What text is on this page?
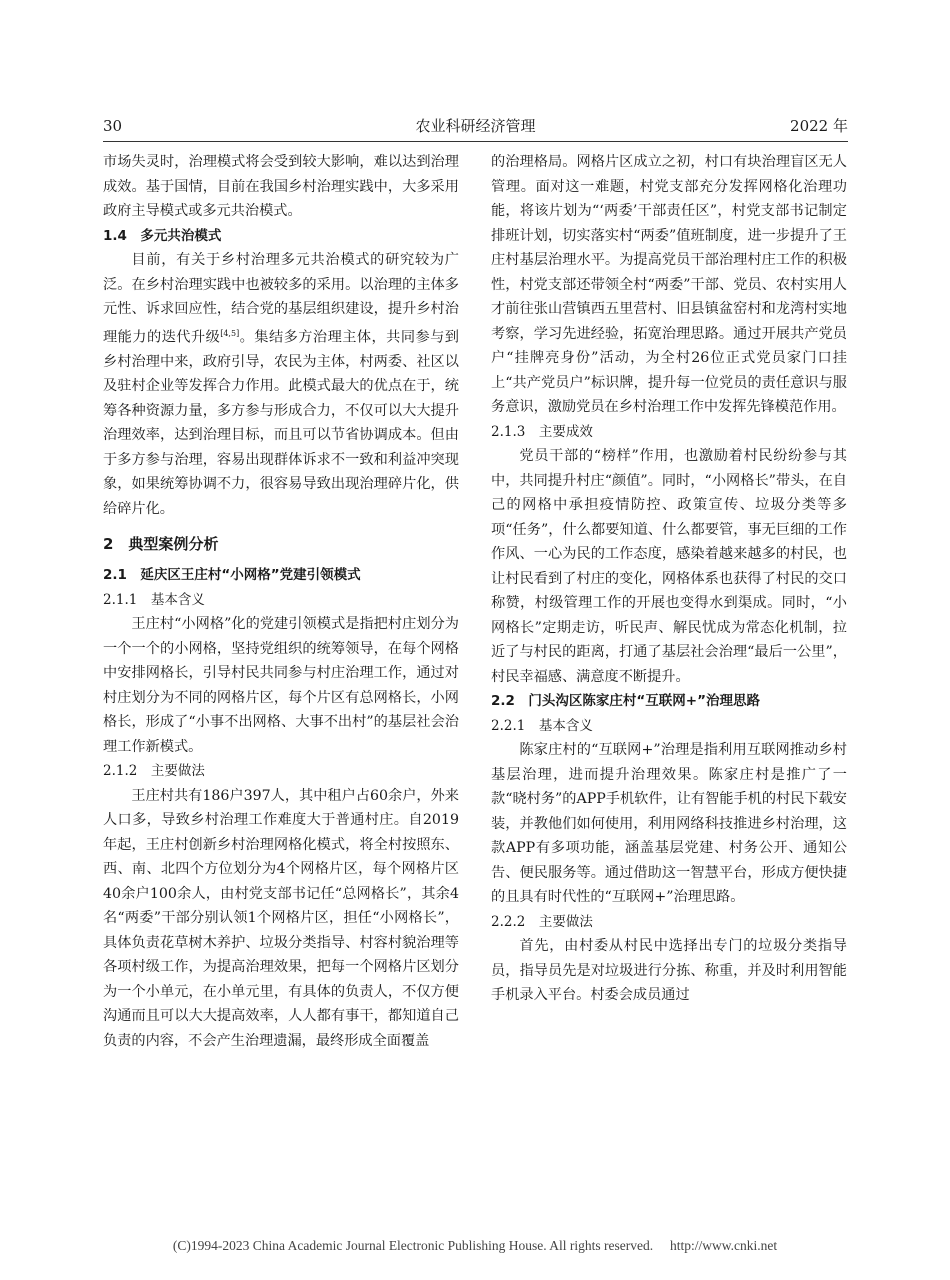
30	农业科研经济管理	2022 年

市场失灵时，治理模式将会受到较大影响，难以达到治理成效。基于国情，目前在我国乡村治理实践中，大多采用政府主导模式或多元共治模式。

1.4　多元共治模式

目前，有关于乡村治理多元共治模式的研究较为广泛。在乡村治理实践中也被较多的采用。以治理的主体多元性、诉求回应性，结合党的基层组织建设，提升乡村治理能力的迭代升级[4,5]。集结多方治理主体，共同参与到乡村治理中来，政府引导，农民为主体，村两委、社区以及驻村企业等发挥合力作用。此模式最大的优点在于，统筹各种资源力量，多方参与形成合力，不仅可以大大提升治理效率，达到治理目标，而且可以节省协调成本。但由于多方参与治理，容易出现群体诉求不一致和利益冲突现象，如果统筹协调不力，很容易导致出现治理碎片化，供给碎片化。

2　典型案例分析

2.1　延庆区王庄村“小网格”党建引领模式

2.1.1　基本含义

王庄村“小网格”化的党建引领模式是指把村庄划分为一个一个的小网格，坚持党组织的统筹领导，在每个网格中安排网格长，引导村民共同参与村庄治理工作，通过对村庄划分为不同的网格片区，每个片区有总网格长，小网格长，形成了“小事不出网格、大事不出村”的基层社会治理工作新模式。

2.1.2　主要做法

王庄村共有186户397人，其中租户占60余户，外来人口多，导致乡村治理工作难度大于普通村庄。自2019年起，王庄村创新乡村治理网格化模式，将全村按照东、西、南、北四个方位划分为4个网格片区，每个网格片区40余户100余人，由村党支部书记任“总网格长”，其余4名“两委”干部分别认领1个网格片区，担任“小网格长”，具体负责花草树木养护、垃圾分类指导、村容村貌治理等各项村级工作，为提高治理效果，把每一个网格片区划分为一个小单元，在小单元里，有具体的负责人，不仅方便沟通而且可以大大提高效率，人人都有事干，都知道自己负责的内容，不会产生治理遗漏，最终形成全面覆盖

的治理格局。网格片区成立之初，村口有块治理盲区无人管理。面对这一难题，村党支部充分发挥网格化治理功能，将该片划为“‘两委’干部责任区”，村党支部书记制定排班计划，切实落实村“两委”值班制度，进一步提升了王庄村基层治理水平。为提高党员干部治理村庄工作的积极性，村党支部还带领全村“两委”干部、党员、农村实用人才前往张山营镇西五里营村、旧县镇盆窑村和龙湾村实地考察，学习先进经验，拓宽治理思路。通过开展共产党员户“挂牌亮身份”活动，为全村26位正式党员家门口挂上“共产党员户”标识牌，提升每一位党员的责任意识与服务意识，激励党员在乡村治理工作中发挥先锋模范作用。

2.1.3　主要成效

党员干部的“榜样”作用，也激励着村民纷纷参与其中，共同提升村庄“颜值”。同时，“小网格长”带头，在自己的网格中承担疫情防控、政策宣传、垃圾分类等多项“任务”，什么都要知道、什么都要管，事无巨细的工作作风、一心为民的工作态度，感染着越来越多的村民，也让村民看到了村庄的变化，网格体系也获得了村民的交口称赞，村级管理工作的开展也变得水到渠成。同时，“小网格长”定期走访，听民声、解民忧成为常态化机制，拉近了与村民的距离，打通了基层社会治理“最后一公里”，村民幸福感、满意度不断提升。

2.2　门头沟区陈家庄村“互联网+”治理思路

2.2.1　基本含义

陈家庄村的“互联网+”治理是指利用互联网推动乡村基层治理，进而提升治理效果。陈家庄村是推广了一款“晓村务”的APP手机软件，让有智能手机的村民下载安装，并教他们如何使用，利用网络科技推进乡村治理，这款APP有多项功能，涵盖基层党建、村务公开、通知公告、便民服务等。通过借助这一智慧平台，形成方便快捷的且具有时代性的“互联网+”治理思路。

2.2.2　主要做法

首先，由村委从村民中选择出专门的垃圾分类指导员，指导员先是对垃圾进行分拣、称重，并及时利用智能手机录入平台。村委会成员通过

(C)1994-2023 China Academic Journal Electronic Publishing House. All rights reserved.　 http://www.cnki.net
